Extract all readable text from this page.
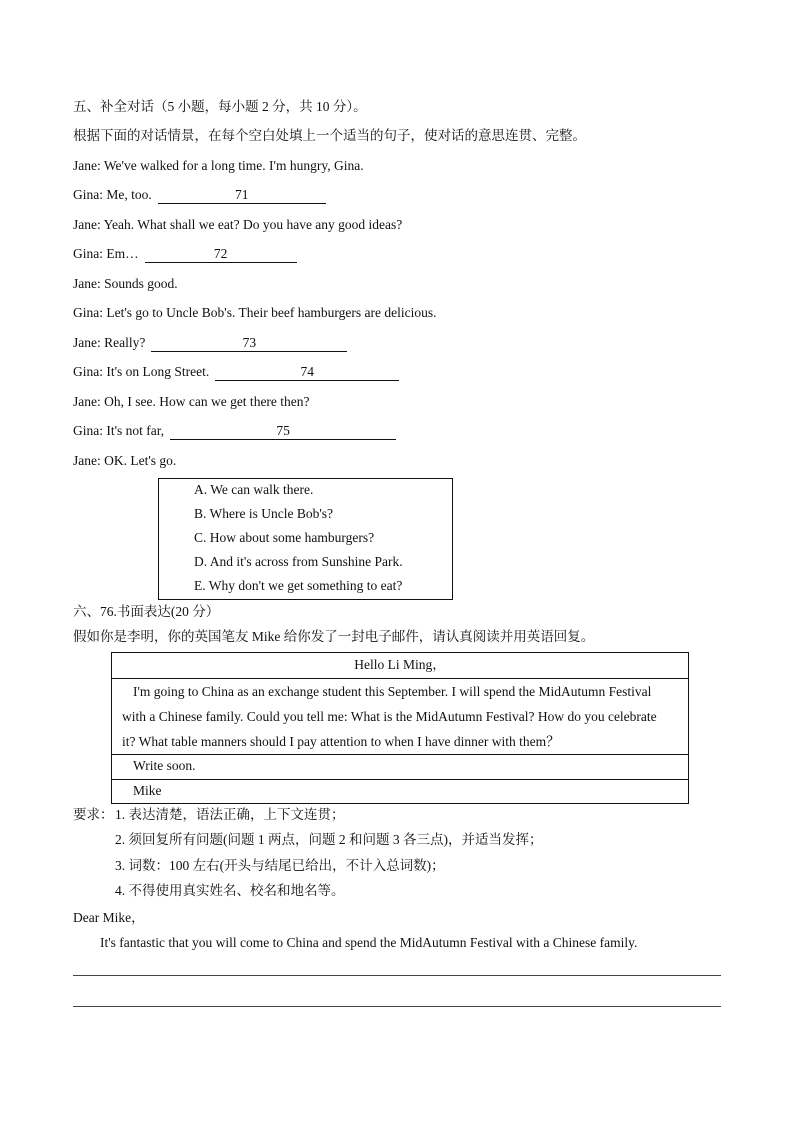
五、补全对话（5 小题，每小题 2 分，共 10 分）。
根据下面的对话情景，在每个空白处填上一个适当的句子，使对话的意思连贯、完整。
Jane: We've walked for a long time. I'm hungry, Gina.
Gina: Me, too.	71
Jane: Yeah. What shall we eat? Do you have any good ideas?
Gina: Em…	72
Jane: Sounds good.
Gina: Let's go to Uncle Bob's. Their beef hamburgers are delicious.
Jane: Really?	73
Gina: It's on Long Street.	74
Jane: Oh, I see. How can we get there then?
Gina: It's not far,	75
Jane: OK. Let's go.
A. We can walk there.
B. Where is Uncle Bob's?
C. How about some hamburgers?
D. And it's across from Sunshine Park.
E. Why don't we get something to eat?
六、76.书面表达(20 分）
假如你是李明，你的英国笔友 Mike 给你发了一封电子邮件，请认真阅读并用英语回复。
Hello Li Ming，

I'm going to China as an exchange student this September. I will spend the MidAutumn Festival

with a Chinese family. Could you tell me: What is the MidAutumn Festival? How do you celebrate

it? What table manners should I pay attention to when I have dinner with them？

Write soon.
Mike
要求： 1. 表达清楚，语法正确，上下文连贯；
2. 须回复所有问题(问题 1 两点，问题 2 和问题 3 各三点)，并适当发挥；
3. 词数：100 左右(开头与结尾已给出，不计入总词数)；
4. 不得使用真实姓名、校名和地名等。
Dear Mike，
It's fantastic that you will come to China and spend the MidAutumn Festival with a Chinese family.
